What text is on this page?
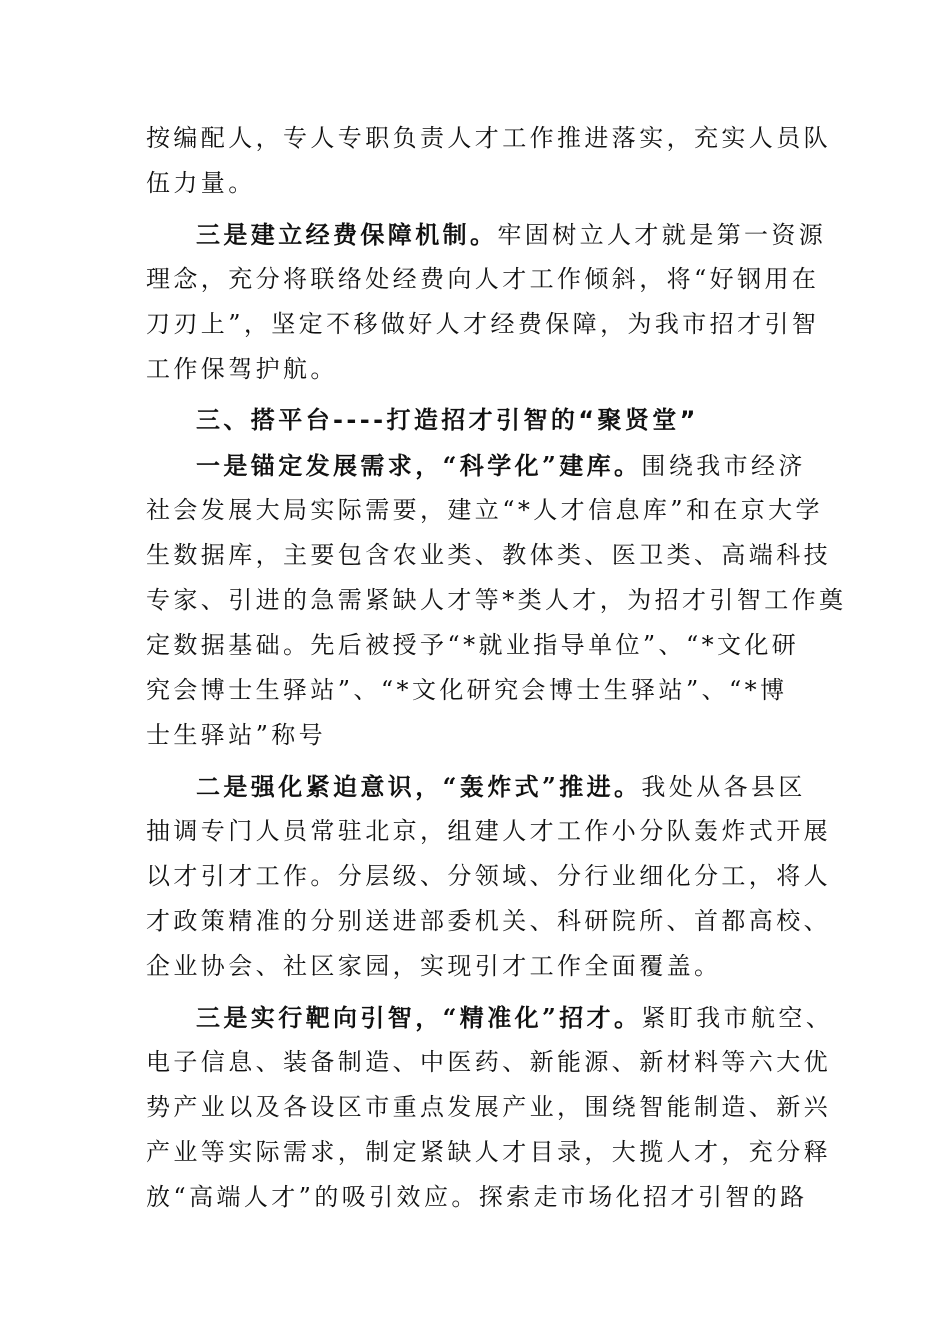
按编配人，专人专职负责人才工作推进落实，充实人员队
伍力量。
三是建立经费保障机制。牢固树立人才就是第一资源
理念，充分将联络处经费向人才工作倾斜，将“好钢用在
刀刃上”，坚定不移做好人才经费保障，为我市招才引智
工作保驾护航。
三、搭平台----打造招才引智的“聚贤堂”
一是锚定发展需求，“科学化”建库。围绕我市经济
社会发展大局实际需要，建立“*人才信息库”和在京大学
生数据库，主要包含农业类、教体类、医卫类、高端科技
专家、引进的急需紧缺人才等*类人才，为招才引智工作奠
定数据基础。先后被授予“*就业指导单位”、“*文化研
究会博士生驿站”、“*文化研究会博士生驿站”、“*博
士生驿站”称号
二是强化紧迫意识，“轰炸式”推进。我处从各县区
抽调专门人员常驻北京，组建人才工作小分队轰炸式开展
以才引才工作。分层级、分领域、分行业细化分工，将人
才政策精准的分别送进部委机关、科研院所、首都高校、
企业协会、社区家园，实现引才工作全面覆盖。
三是实行靶向引智，“精准化”招才。紧盯我市航空、
电子信息、装备制造、中医药、新能源、新材料等六大优
势产业以及各设区市重点发展产业，围绕智能制造、新兴
产业等实际需求，制定紧缺人才目录，大揽人才，充分释
放“高端人才”的吸引效应。探索走市场化招才引智的路
